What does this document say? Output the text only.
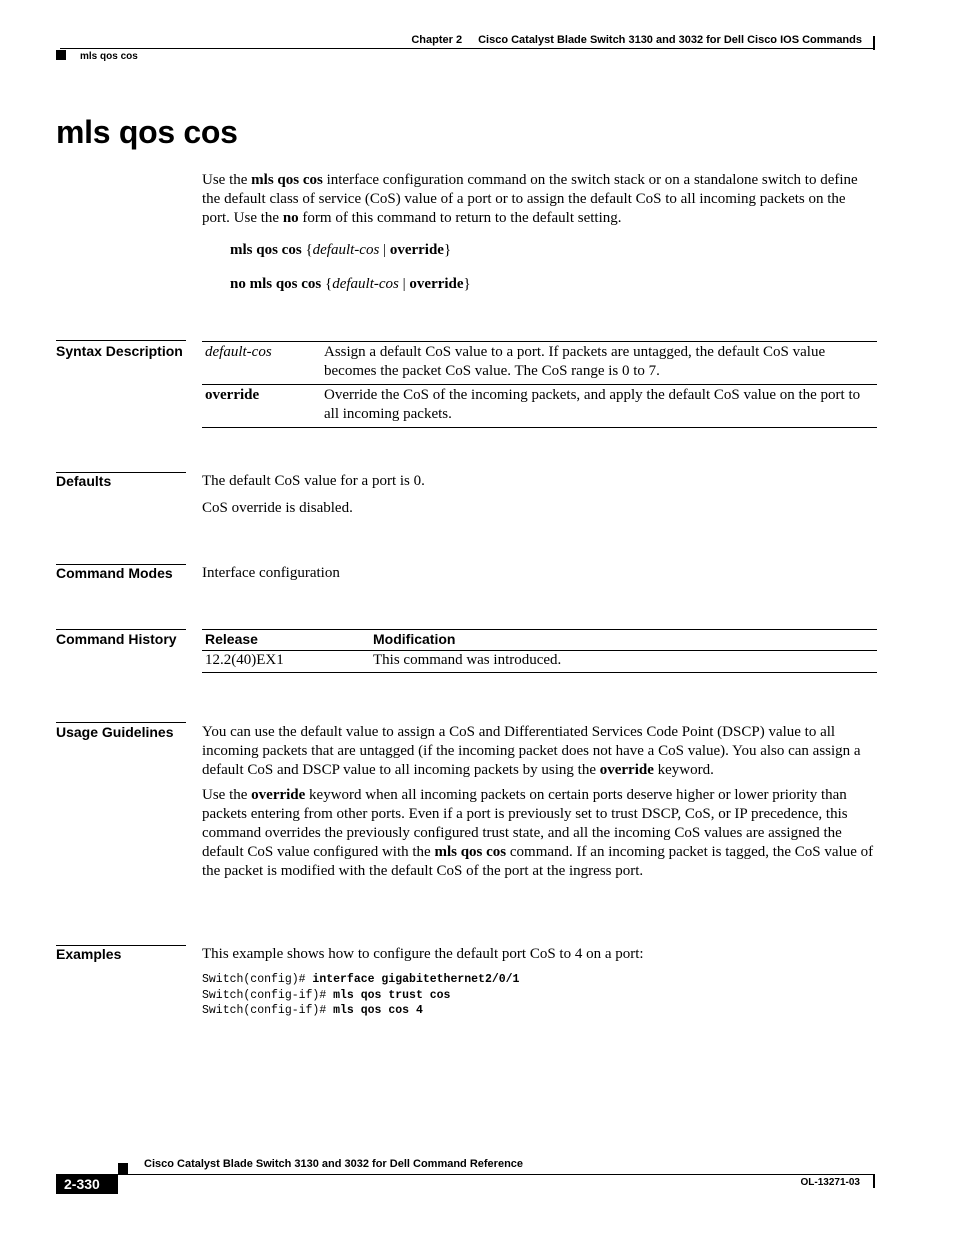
Chapter 2 Cisco Catalyst Blade Switch 3130 and 3032 for Dell Cisco IOS Commands
mls qos cos
mls qos cos
Use the mls qos cos interface configuration command on the switch stack or on a standalone switch to define the default class of service (CoS) value of a port or to assign the default CoS to all incoming packets on the port. Use the no form of this command to return to the default setting.
mls qos cos {default-cos | override}
no mls qos cos {default-cos | override}
Syntax Description default-cos	Assign a default CoS value to a port. If packets are untagged, the default CoS value becomes the packet CoS value. The CoS range is 0 to 7.
override	Override the CoS of the incoming packets, and apply the default CoS value on the port to all incoming packets.
Defaults	The default CoS value for a port is 0.
CoS override is disabled.
Command Modes Interface configuration
Command History Release	Modification
12.2(40)EX1	This command was introduced.
Usage Guidelines You can use the default value to assign a CoS and Differentiated Services Code Point (DSCP) value to all incoming packets that are untagged (if the incoming packet does not have a CoS value). You also can assign a default CoS and DSCP value to all incoming packets by using the override keyword.
Use the override keyword when all incoming packets on certain ports deserve higher or lower priority than packets entering from other ports. Even if a port is previously set to trust DSCP, CoS, or IP precedence, this command overrides the previously configured trust state, and all the incoming CoS values are assigned the default CoS value configured with the mls qos cos command. If an incoming packet is tagged, the CoS value of the packet is modified with the default CoS of the port at the ingress port.
Examples	This example shows how to configure the default port CoS to 4 on a port:
Switch(config)# interface gigabitethernet2/0/1
Switch(config-if)# mls qos trust cos
Switch(config-if)# mls qos cos 4
Cisco Catalyst Blade Switch 3130 and 3032 for Dell Command Reference
2-330	OL-13271-03
